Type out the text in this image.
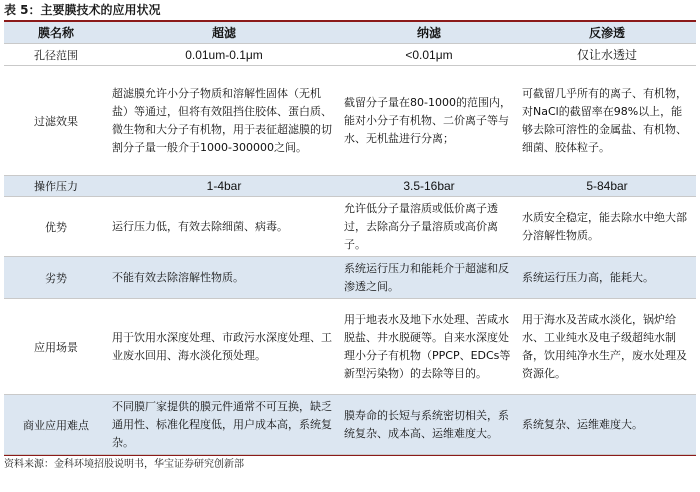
表 5：主要膜技术的应用状况
膜名称	超滤	纳滤	反渗透
孔径范围	0.01um-0.1μm	<0.01μm	仅让水透过
过滤效果	超滤膜允许小分子物质和溶解性固体（无机盐）等通过，但将有效阻挡住胶体、蛋白质、微生物和大分子有机物，用于表征超滤膜的切割分子量一般介于1000-300000之间。	截留分子量在80-1000的范围内，能对小分子有机物、二价离子等与水、无机盐进行分离；	可截留几乎所有的离子、有机物，对NaCl的截留率在98%以上，能够去除可溶性的金属盐、有机物、细菌、胶体粒子。
操作压力	1-4bar	3.5-16bar	5-84bar
优势	运行压力低，有效去除细菌、病毒。	允许低分子量溶质或低价离子透过，去除高分子量溶质或高价离子。	水质安全稳定，能去除水中绝大部分溶解性物质。
劣势	不能有效去除溶解性物质。	系统运行压力和能耗介于超滤和反渗透之间。	系统运行压力高，能耗大。
应用场景	用于饮用水深度处理、市政污水深度处理、工业废水回用、海水淡化预处理。	用于地表水及地下水处理、苦咸水脱盐、井水脱硬等。自来水深度处理小分子有机物（PPCP、EDCs等新型污染物）的去除等目的。	用于海水及苦咸水淡化，锅炉给水、工业纯水及电子级超纯水制备，饮用纯净水生产，废水处理及资源化。
商业应用难点	不同膜厂家提供的膜元件通常不可互换，缺乏通用性、标准化程度低，用户成本高，系统复杂。	膜寿命的长短与系统密切相关，系统复杂、成本高、运维难度大。	系统复杂、运维难度大。
资料来源：金科环境招股说明书，华宝证券研究创新部
